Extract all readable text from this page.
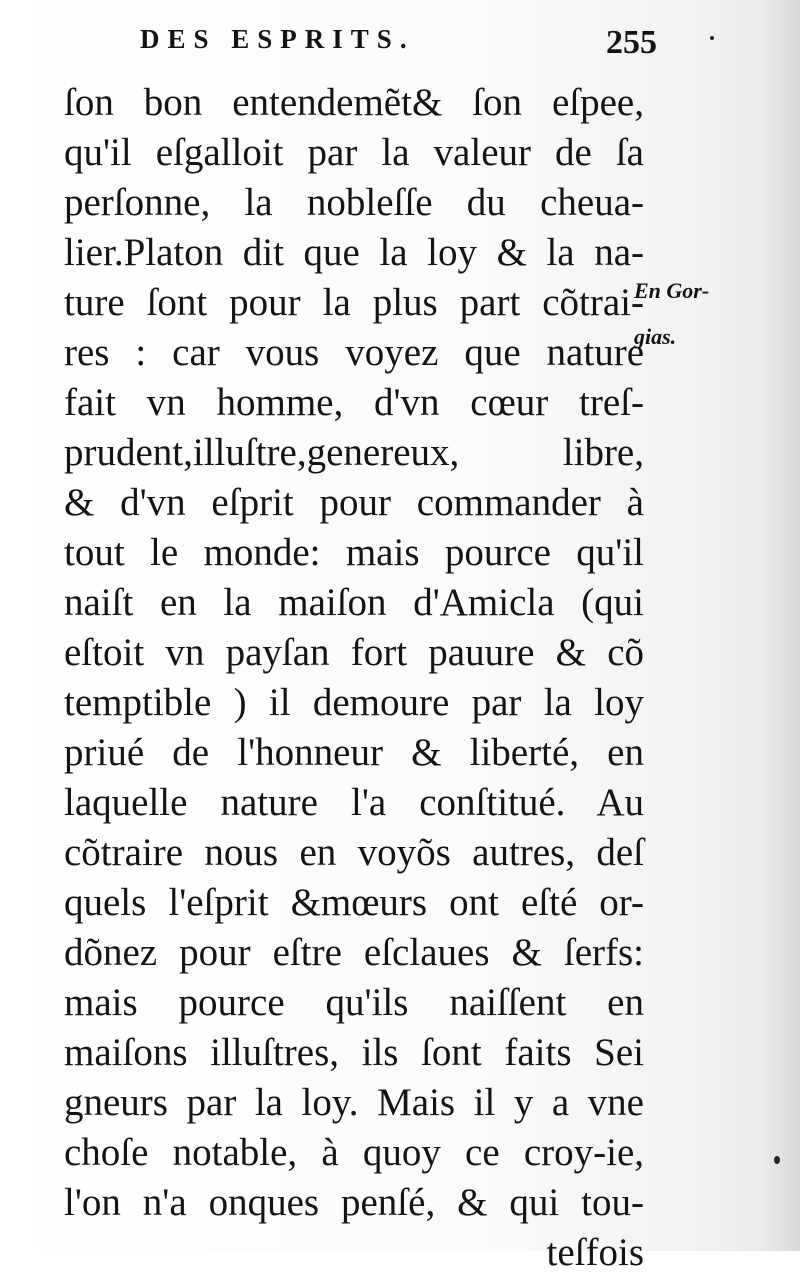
DES ESPRITS.	255
ſon bon entendemẽt& ſon eſpee,
qu'il eſgalloit par la valeur de ſa
perſonne, la nobleſſe du cheua-
lier.Platon dit que la loy & la na-
ture ſont pour la plus part cõtrai-
res : car vous voyez que nature
fait vn homme, d'vn cœur treſ-
prudent,illuſtre,genereux, libre,
& d'vn eſprit pour commander à
tout le monde: mais pource qu'il
naiſt en la maiſon d'Amicla (qui
eſtoit vn payſan fort pauure & cõ
temptible ) il demoure par la loy
priué de l'honneur & liberté, en
laquelle nature l'a conſtitué. Au
cõtraire nous en voyõs autres, deſ
quels l'eſprit &mœurs ont eſté or-
dõnez pour eſtre eſclaues & ſerfs:
mais pource qu'ils naiſſent en
maiſons illuſtres, ils ſont faits Sei
gneurs par la loy. Mais il y a vne
choſe notable, à quoy ce croy-ie,
l'on n'a onques penſé, & qui tou-
teſfois
En Gor-
gias.
